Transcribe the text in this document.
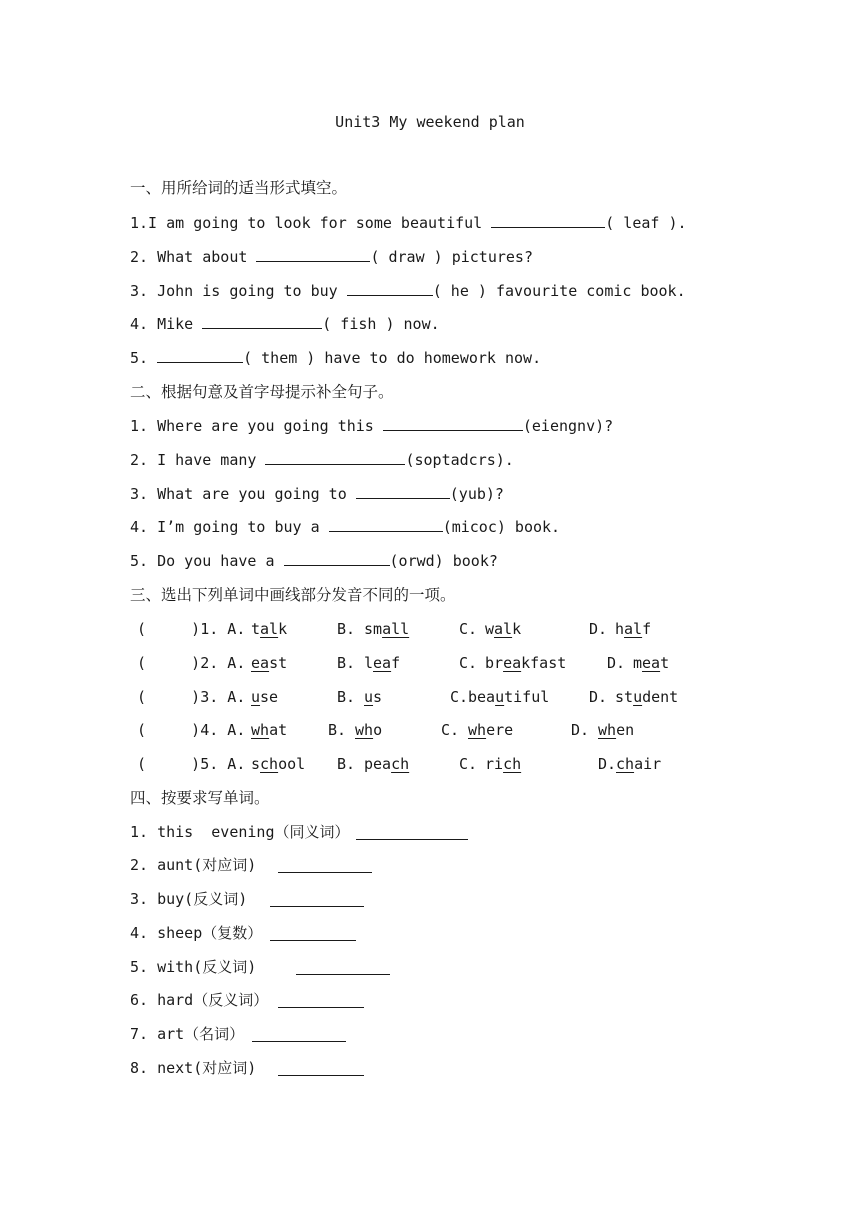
Unit3 My weekend plan
一、用所给词的适当形式填空。
1.I am going to look for some beautiful	( leaf ).
2. What about	( draw ) pictures?
3. John is going to buy	( he ) favourite comic book.
4. Mike	( fish ) now.
5.	( them ) have to do homework now.
二、根据句意及首字母提示补全句子。
1. Where are you going this	(eiengnv)?
2. I have many	(soptadcrs).
3. What are you going to	(yub)?
4. I’m going to buy a	(micoc) book.
5. Do you have a	(orwd) book?
三、选出下列单词中画线部分发音不同的一项。
(     )1. A. talk	B. small	C. walk	D. half
(     )2. A. east	B. leaf	C. breakfast	D. meat
(     )3. A. use	B. us	C. beautiful	D. student
(     )4. A. what	B. who	C. where	D. when
(     )5. A. school B. peach	C. rich	D. chair
四、按要求写单词。
1. this  evening（同义词）
2. aunt(对应词)
3. buy(反义词)
4. sheep（复数）
5. with(反义词)
6. hard（反义词）
7. art（名词）
8. next(对应词)
